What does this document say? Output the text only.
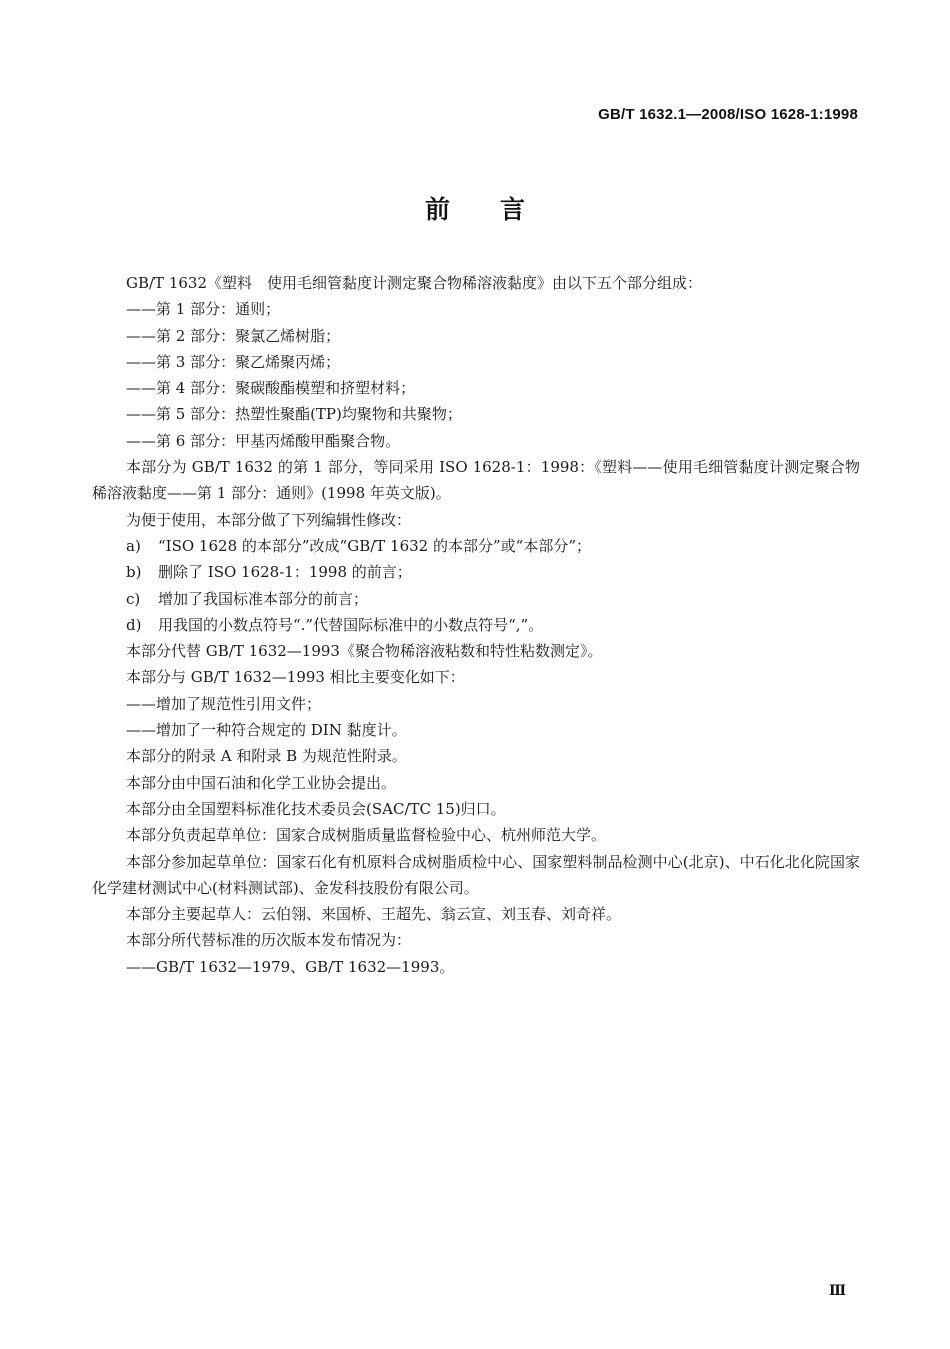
GB/T 1632.1—2008/ISO 1628-1:1998
前言

GB/T 1632《塑料　使用毛细管黏度计测定聚合物稀溶液黏度》由以下五个部分组成：

——第 1 部分：通则；

——第 2 部分：聚氯乙烯树脂；

——第 3 部分：聚乙烯聚丙烯；

——第 4 部分：聚碳酸酯模塑和挤塑材料；

——第 5 部分：热塑性聚酯(TP)均聚物和共聚物；

——第 6 部分：甲基丙烯酸甲酯聚合物。

本部分为 GB/T 1632 的第 1 部分，等同采用 ISO 1628-1：1998：《塑料——使用毛细管黏度计测定聚合物稀溶液黏度——第 1 部分：通则》(1998 年英文版)。

为便于使用，本部分做了下列编辑性修改：

a) “ISO 1628 的本部分”改成“GB/T 1632 的本部分”或“本部分”；

b) 删除了 ISO 1628-1：1998 的前言；

c) 增加了我国标准本部分的前言；

d) 用我国的小数点符号“.”代替国际标准中的小数点符号“,”。

本部分代替 GB/T 1632—1993《聚合物稀溶液粘数和特性粘数测定》。

本部分与 GB/T 1632—1993 相比主要变化如下：

——增加了规范性引用文件；

——增加了一种符合规定的 DIN 黏度计。

本部分的附录 A 和附录 B 为规范性附录。

本部分由中国石油和化学工业协会提出。

本部分由全国塑料标准化技术委员会(SAC/TC 15)归口。

本部分负责起草单位：国家合成树脂质量监督检验中心、杭州师范大学。

本部分参加起草单位：国家石化有机原料合成树脂质检中心、国家塑料制品检测中心(北京)、中石化北化院国家化学建材测试中心(材料测试部)、金发科技股份有限公司。

本部分主要起草人：云伯翎、来国桥、王超先、翁云宣、刘玉春、刘奇祥。

本部分所代替标准的历次版本发布情况为：

——GB/T 1632—1979、GB/T 1632—1993。

Ⅲ
